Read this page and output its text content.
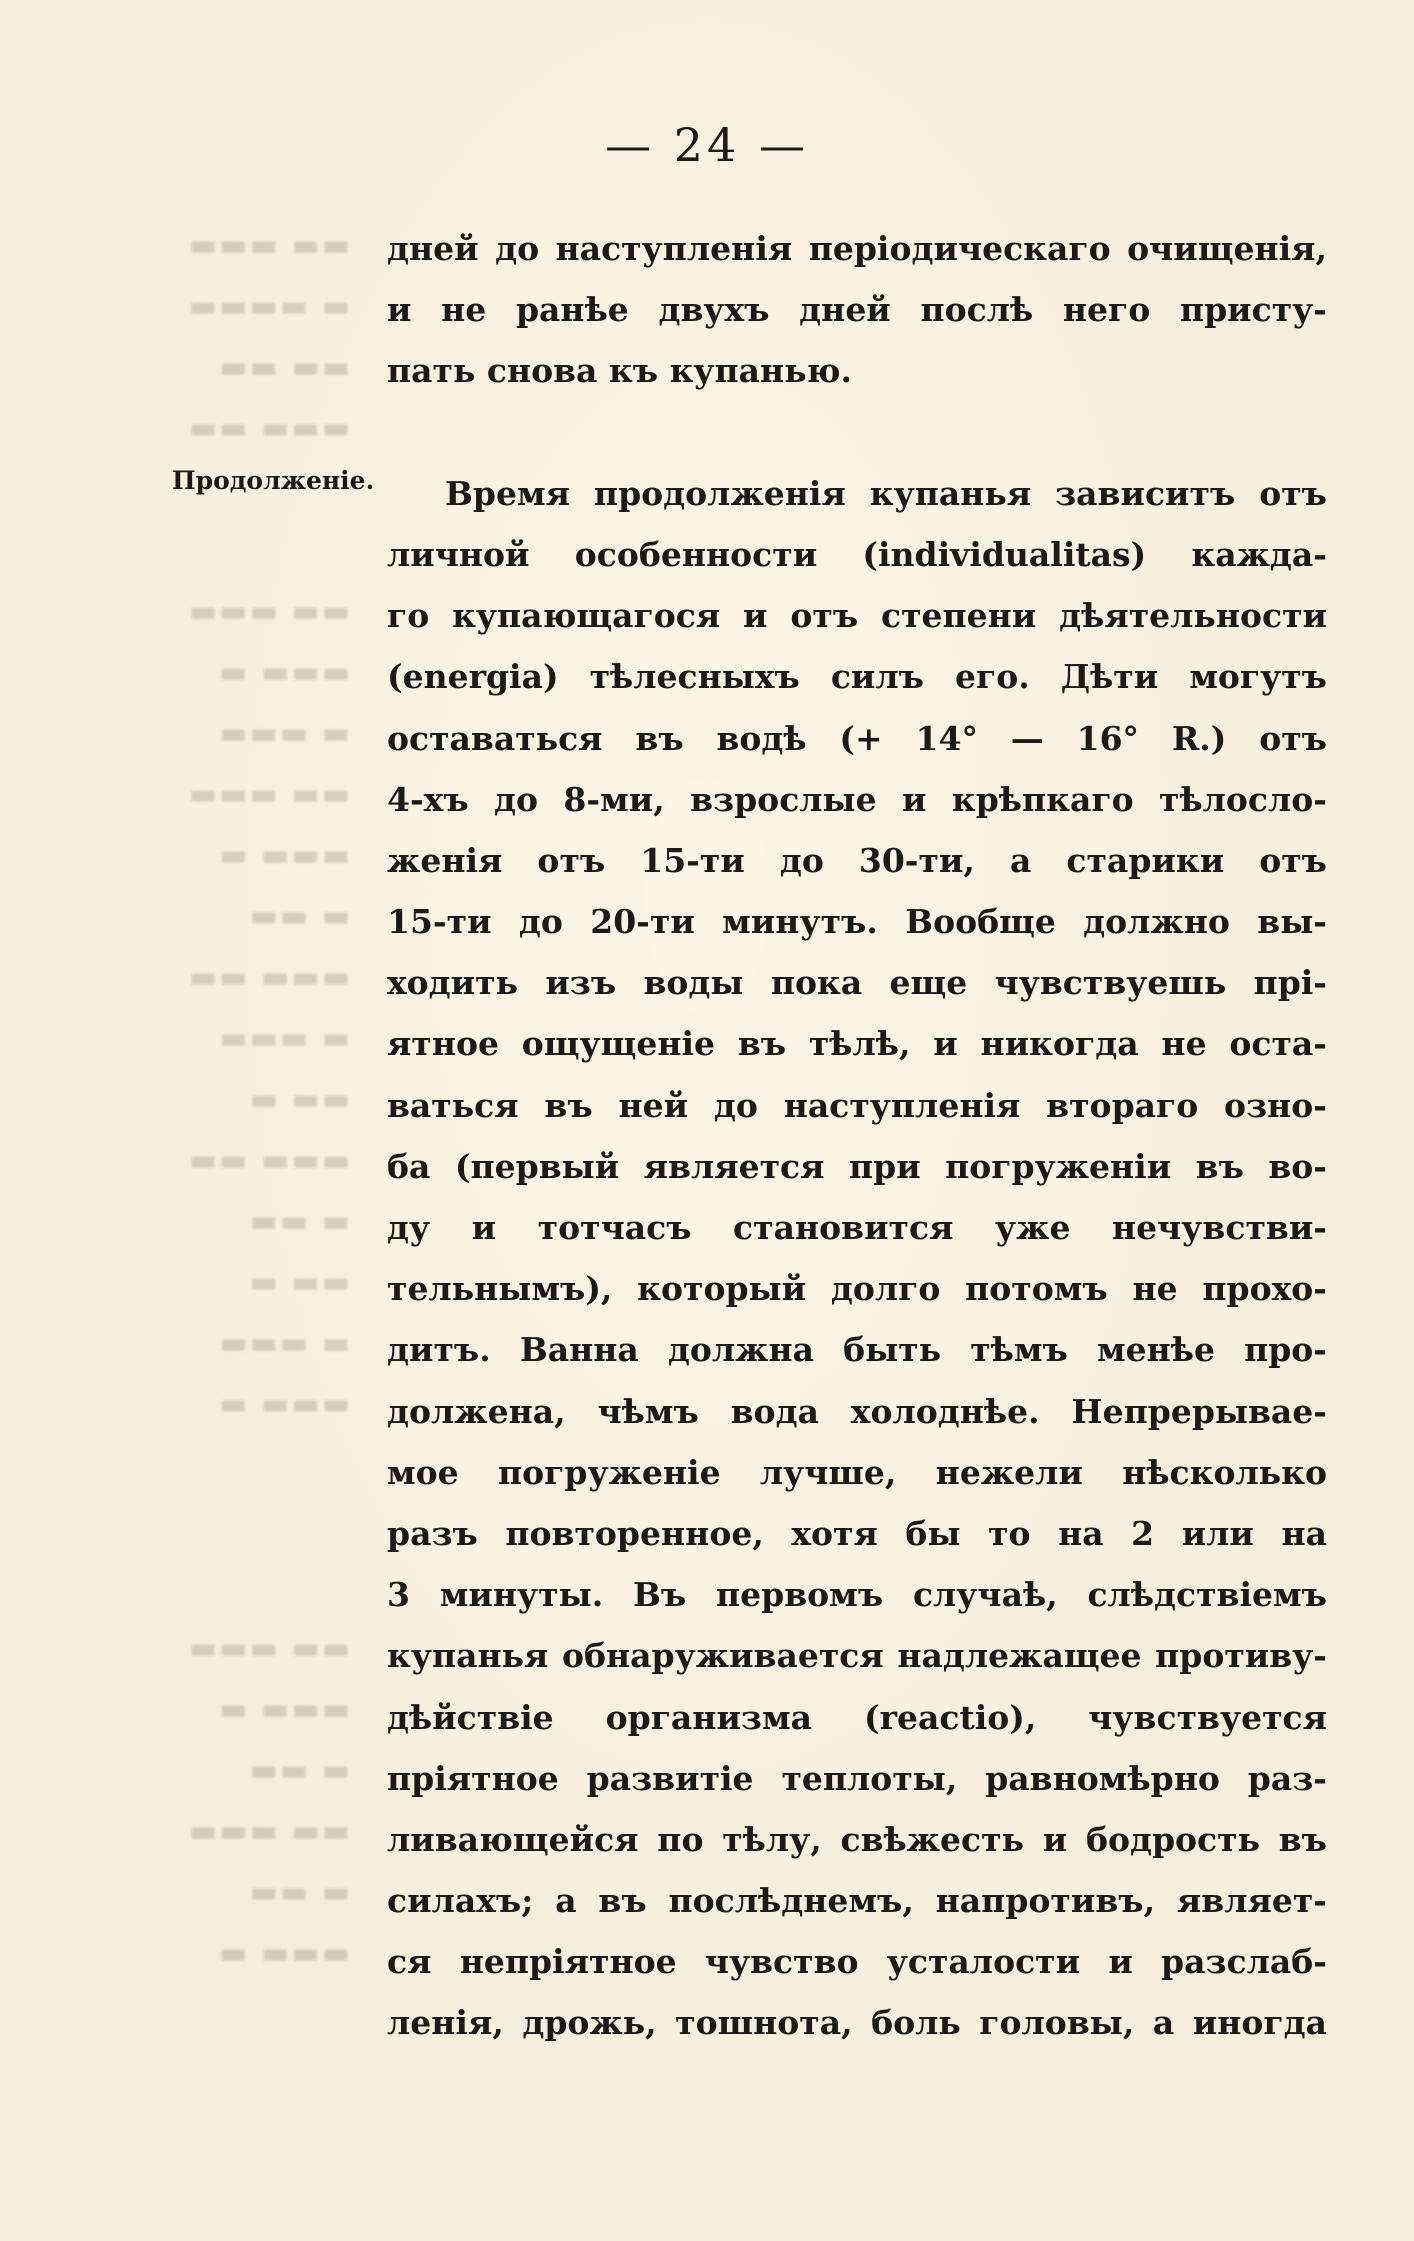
▬▬ ▬▬▬
▬ ▬▬▬▬
▬▬ ▬▬
▬▬▬ ▬▬

▬▬ ▬▬▬
▬▬▬ ▬
▬ ▬▬▬
▬▬ ▬▬▬
▬▬▬ ▬
▬ ▬▬
▬▬▬ ▬▬
▬ ▬▬▬
▬▬ ▬
▬▬▬ ▬▬
▬ ▬▬
▬▬ ▬
▬ ▬▬▬
▬▬▬ ▬

▬▬ ▬▬▬
▬▬▬ ▬
▬ ▬▬
▬▬ ▬▬▬
▬ ▬▬
▬▬▬ ▬
— 24 —
Продолженіе.
дней до наступленія періодическаго очищенія,
и не ранѣе двухъ дней послѣ него присту-
пать снова къ купанью.
Время продолженія купанья зависитъ отъ
личной особенности (individualitas) кажда-
го купающагося и отъ степени дѣятельности
(energia) тѣлесныхъ силъ его. Дѣти могутъ
оставаться въ водѣ (+ 14° — 16° R.) отъ
4-хъ до 8-ми, взрослые и крѣпкаго тѣлосло-
женія отъ 15-ти до 30-ти, а старики отъ
15-ти до 20-ти минутъ. Вообще должно вы-
ходить изъ воды пока еще чувствуешь прі-
ятное ощущеніе въ тѣлѣ, и никогда не оста-
ваться въ ней до наступленія втораго озно-
ба (первый является при погруженіи въ во-
ду и тотчасъ становится уже нечувстви-
тельнымъ), который долго потомъ не прохо-
дитъ. Ванна должна быть тѣмъ менѣе про-
должена, чѣмъ вода холоднѣе. Непрерывае-
мое погруженіе лучше, нежели нѣсколько
разъ повторенное, хотя бы то на 2 или на
3 минуты. Въ первомъ случаѣ, слѣдствіемъ
купанья обнаруживается надлежащее противу-
дѣйствіе организма (reactio), чувствуется
пріятное развитіе теплоты, равномѣрно раз-
ливающейся по тѣлу, свѣжесть и бодрость въ
силахъ; а въ послѣднемъ, напротивъ, являет-
ся непріятное чувство усталости и разслаб-
ленія, дрожь, тошнота, боль головы, а иногда
